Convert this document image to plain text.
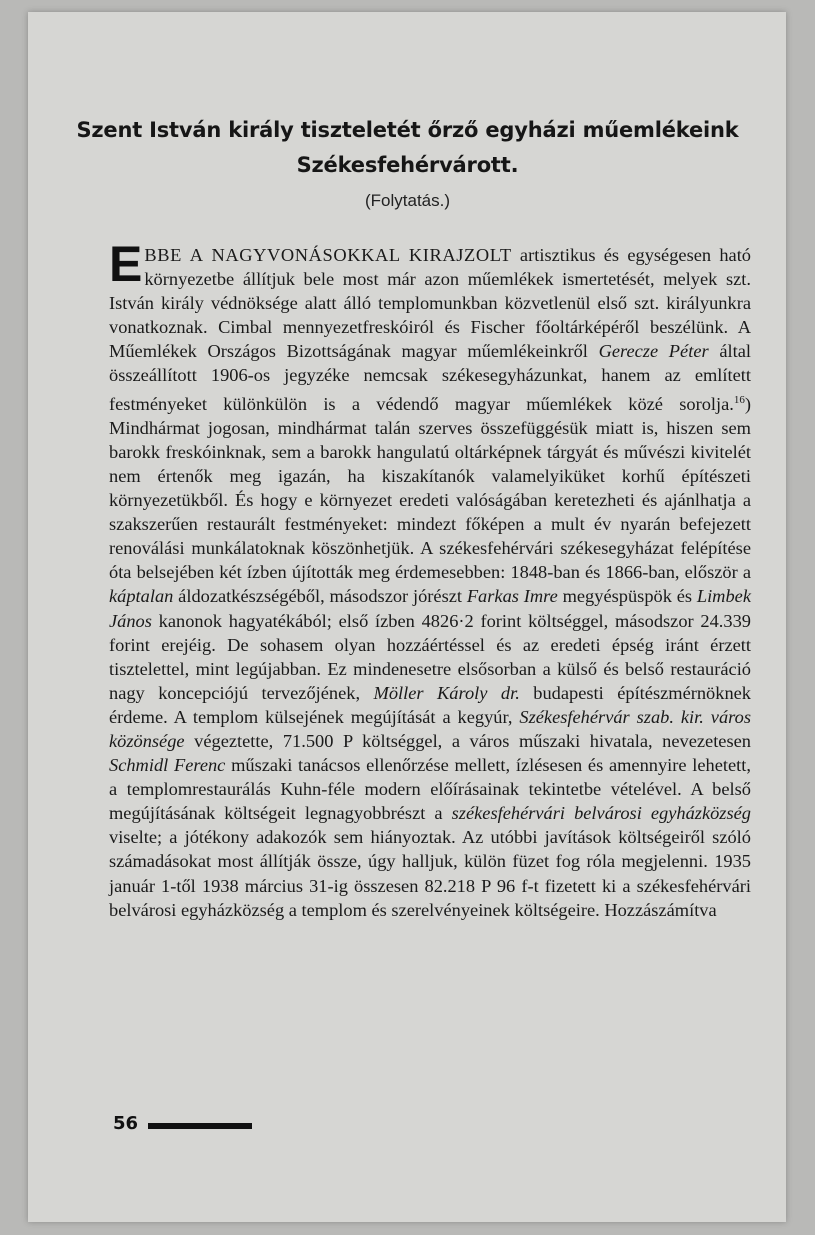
Szent István király tiszteletét őrző egyházi műemlékeink
Székesfehérvárott.
(Folytatás.)

EBBE A NAGYVONÁSOKKAL KIRAJZOLT artisztikus és egységesen ható környezetbe állítjuk bele most már azon műemlékek ismertetését, melyek szt. István király védnöksége alatt álló templomunkban közvetlenül első szt. királyunkra vonatkoznak. Cimbal mennyezetfreskóiról és Fischer főoltárképéről beszélünk. A Műemlékek Országos Bizottságának magyar műemlékeinkről Gerecze Péter által összeállított 1906-os jegyzéke nemcsak székesegyházunkat, hanem az említett festményeket különkülön is a védendő magyar műemlékek közé sorolja.$^{16}$) Mindhármat jogosan, mindhármat talán szerves összefüggésük miatt is, hiszen sem barokk freskóinknak, sem a barokk hangulatú oltárképnek tárgyát és művészi kivitelét nem értenők meg igazán, ha kiszakítanók valamelyiküket korhű építészeti környezetükből. És hogy e környezet eredeti valóságában keretezheti és ajánlhatja a szakszerűen restaurált festményeket: mindezt főképen a mult év nyarán befejezett renoválási munkálatoknak köszönhetjük. A székesfehérvári székesegyházat felépítése óta belsejében két ízben újították meg érdemesebben: 1848-ban és 1866-ban, először a káptalan áldozatkészségéből, másodszor jórészt Farkas Imre megyéspüspök és Limbek János kanonok hagyatékából; első ízben 4826·2 forint költséggel, másodszor 24.339 forint erejéig. De sohasem olyan hozzáértéssel és az eredeti épség iránt érzett tisztelettel, mint legújabban. Ez mindenesetre elsősorban a külső és belső restauráció nagy koncepciójú tervezőjének, Möller Károly dr. budapesti építészmérnöknek érdeme. A templom külsejének megújítását a kegyúr, Székesfehérvár szab. kir. város közönsége végeztette, 71.500 P költséggel, a város műszaki hivatala, nevezetesen Schmidl Ferenc műszaki tanácsos ellenőrzése mellett, ízlésesen és amennyire lehetett, a templomrestaurálás Kuhn-féle modern előírásainak tekintetbe vételével. A belső megújításának költségeit legnagyobbrészt a székesfehérvári belvárosi egyházközség viselte; a jótékony adakozók sem hiányoztak. Az utóbbi javítások költségeiről szóló számadásokat most állítják össze, úgy halljuk, külön füzet fog róla megjelenni. 1935 január 1-től 1938 március 31-ig összesen 82.218 P 96 f-t fizetett ki a székesfehérvári belvárosi egyházközség a templom és szerelvényeinek költségeire. Hozzászámítva

56
